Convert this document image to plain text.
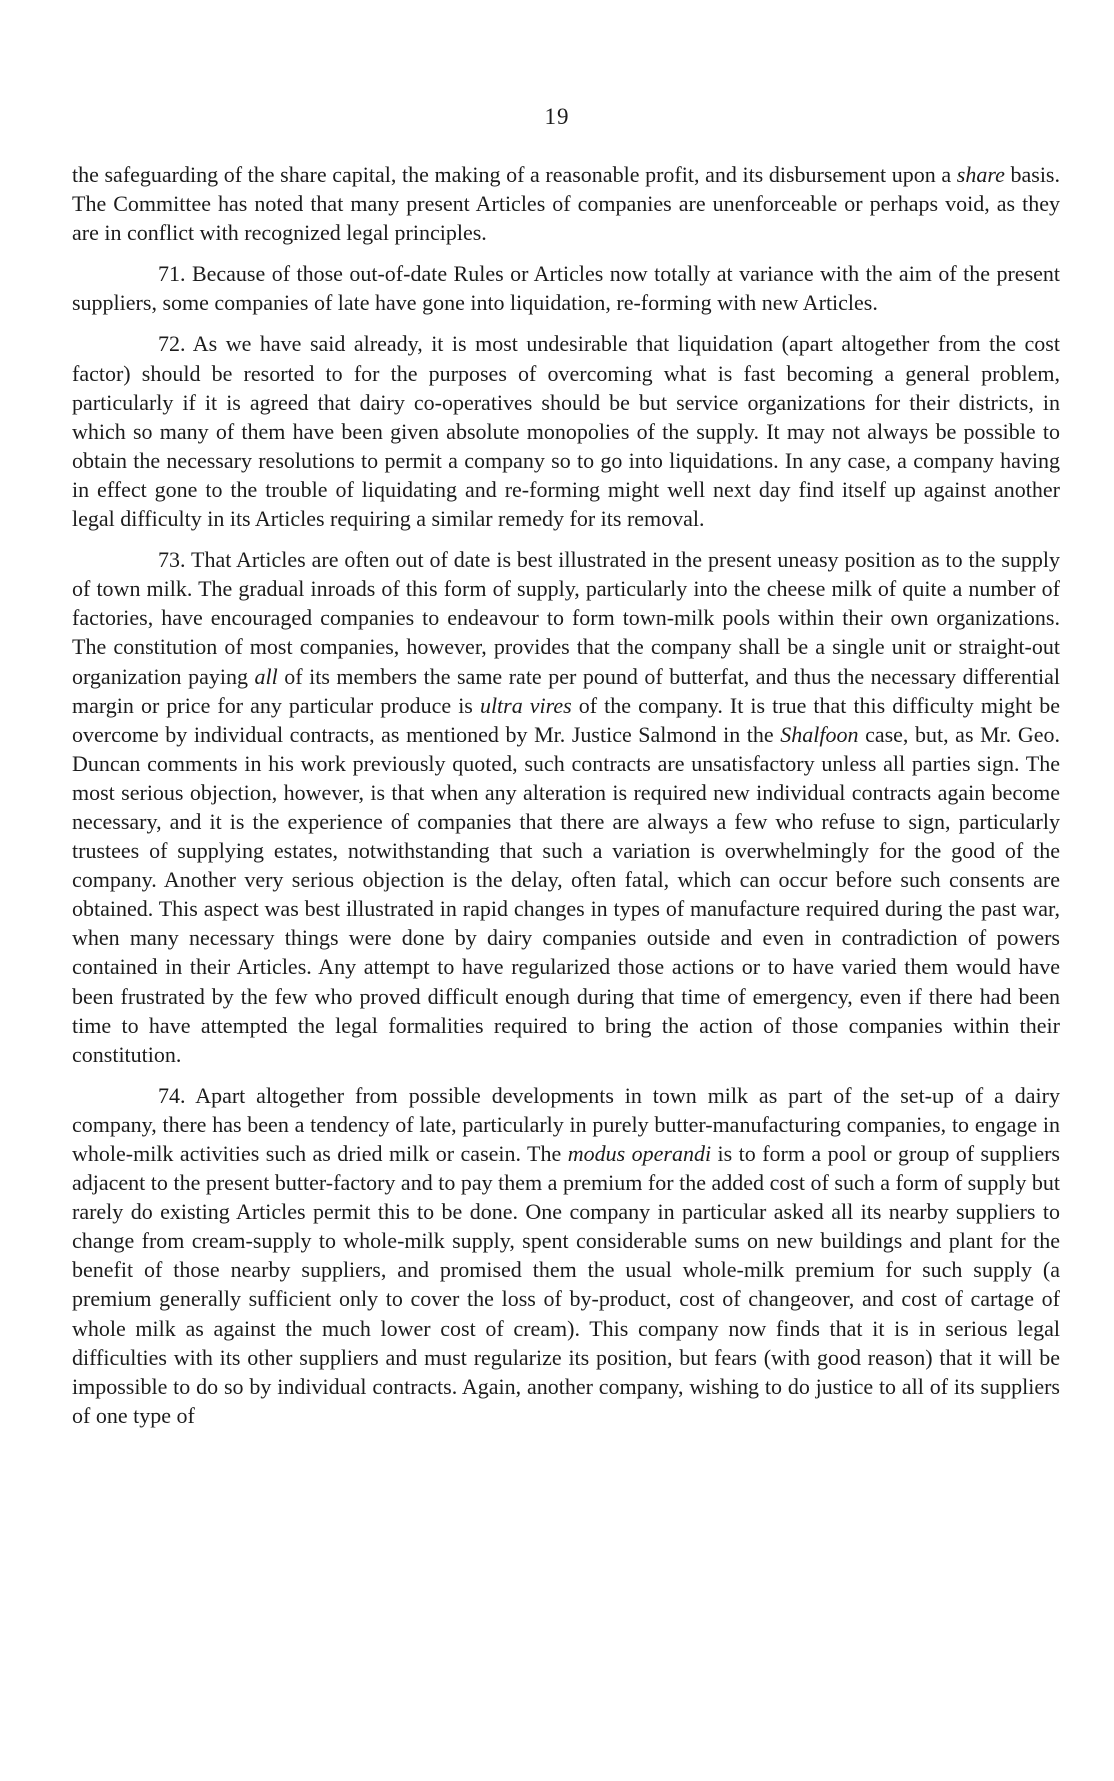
19

the safeguarding of the share capital, the making of a reasonable profit, and its disbursement upon a share basis. The Committee has noted that many present Articles of companies are unenforceable or perhaps void, as they are in conflict with recognized legal principles.

71. Because of those out-of-date Rules or Articles now totally at variance with the aim of the present suppliers, some companies of late have gone into liquidation, re-forming with new Articles.

72. As we have said already, it is most undesirable that liquidation (apart altogether from the cost factor) should be resorted to for the purposes of overcoming what is fast becoming a general problem, particularly if it is agreed that dairy co-operatives should be but service organizations for their districts, in which so many of them have been given absolute monopolies of the supply. It may not always be possible to obtain the necessary resolutions to permit a company so to go into liquidations. In any case, a company having in effect gone to the trouble of liquidating and re-forming might well next day find itself up against another legal difficulty in its Articles requiring a similar remedy for its removal.

73. That Articles are often out of date is best illustrated in the present uneasy position as to the supply of town milk. The gradual inroads of this form of supply, particularly into the cheese milk of quite a number of factories, have encouraged companies to endeavour to form town-milk pools within their own organizations. The constitution of most companies, however, provides that the company shall be a single unit or straight-out organization paying all of its members the same rate per pound of butterfat, and thus the necessary differential margin or price for any particular produce is ultra vires of the company. It is true that this difficulty might be overcome by individual contracts, as mentioned by Mr. Justice Salmond in the Shalfoon case, but, as Mr. Geo. Duncan comments in his work previously quoted, such contracts are unsatisfactory unless all parties sign. The most serious objection, however, is that when any alteration is required new individual contracts again become necessary, and it is the experience of companies that there are always a few who refuse to sign, particularly trustees of supplying estates, notwithstanding that such a variation is overwhelmingly for the good of the company. Another very serious objection is the delay, often fatal, which can occur before such consents are obtained. This aspect was best illustrated in rapid changes in types of manufacture required during the past war, when many necessary things were done by dairy companies outside and even in contradiction of powers contained in their Articles. Any attempt to have regularized those actions or to have varied them would have been frustrated by the few who proved difficult enough during that time of emergency, even if there had been time to have attempted the legal formalities required to bring the action of those companies within their constitution.

74. Apart altogether from possible developments in town milk as part of the set-up of a dairy company, there has been a tendency of late, particularly in purely butter-manufacturing companies, to engage in whole-milk activities such as dried milk or casein. The modus operandi is to form a pool or group of suppliers adjacent to the present butter-factory and to pay them a premium for the added cost of such a form of supply but rarely do existing Articles permit this to be done. One company in particular asked all its nearby suppliers to change from cream-supply to whole-milk supply, spent considerable sums on new buildings and plant for the benefit of those nearby suppliers, and promised them the usual whole-milk premium for such supply (a premium generally sufficient only to cover the loss of by-product, cost of changeover, and cost of cartage of whole milk as against the much lower cost of cream). This company now finds that it is in serious legal difficulties with its other suppliers and must regularize its position, but fears (with good reason) that it will be impossible to do so by individual contracts. Again, another company, wishing to do justice to all of its suppliers of one type of
